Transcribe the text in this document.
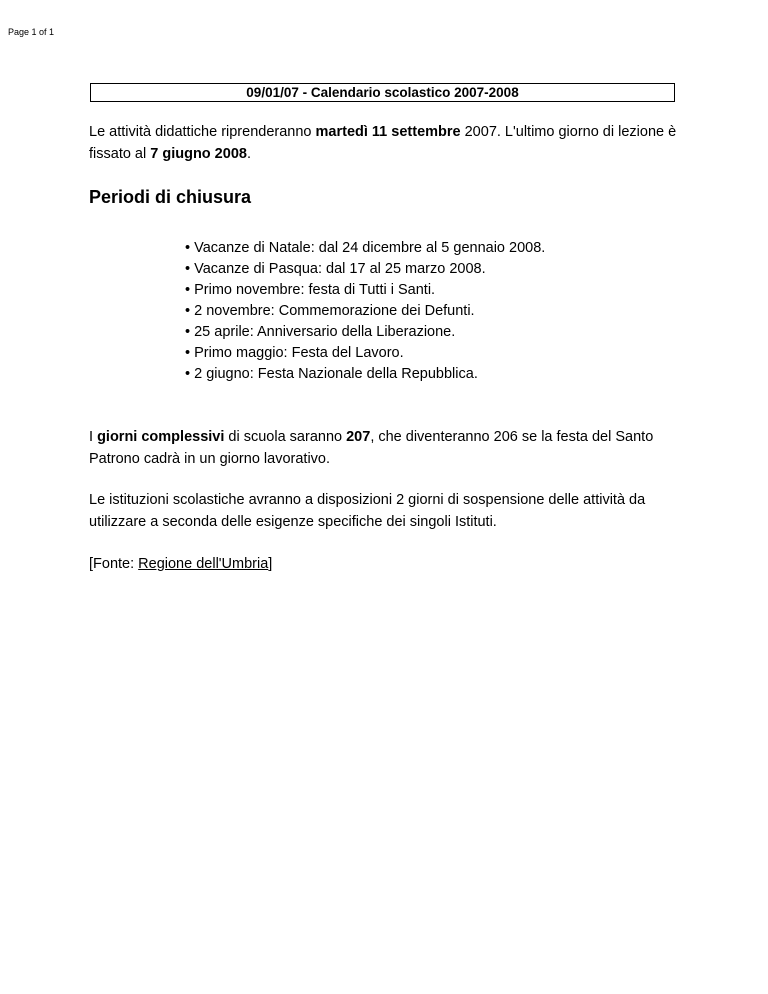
Page 1 of 1
09/01/07 - Calendario scolastico 2007-2008

Le attività didattiche riprenderanno martedì 11 settembre 2007. L'ultimo giorno di lezione è fissato al 7 giugno 2008.

Periodi di chiusura
• Vacanze di Natale: dal 24 dicembre al 5 gennaio 2008.
• Vacanze di Pasqua: dal 17 al 25 marzo 2008.
• Primo novembre: festa di Tutti i Santi.
• 2 novembre: Commemorazione dei Defunti.
• 25 aprile: Anniversario della Liberazione.
• Primo maggio: Festa del Lavoro.
• 2 giugno: Festa Nazionale della Repubblica.

I giorni complessivi di scuola saranno 207, che diventeranno 206 se la festa del Santo Patrono cadrà in un giorno lavorativo.

Le istituzioni scolastiche avranno a disposizioni 2 giorni di sospensione delle attività da utilizzare a seconda delle esigenze specifiche dei singoli Istituti.

[Fonte: Regione dell'Umbria]
